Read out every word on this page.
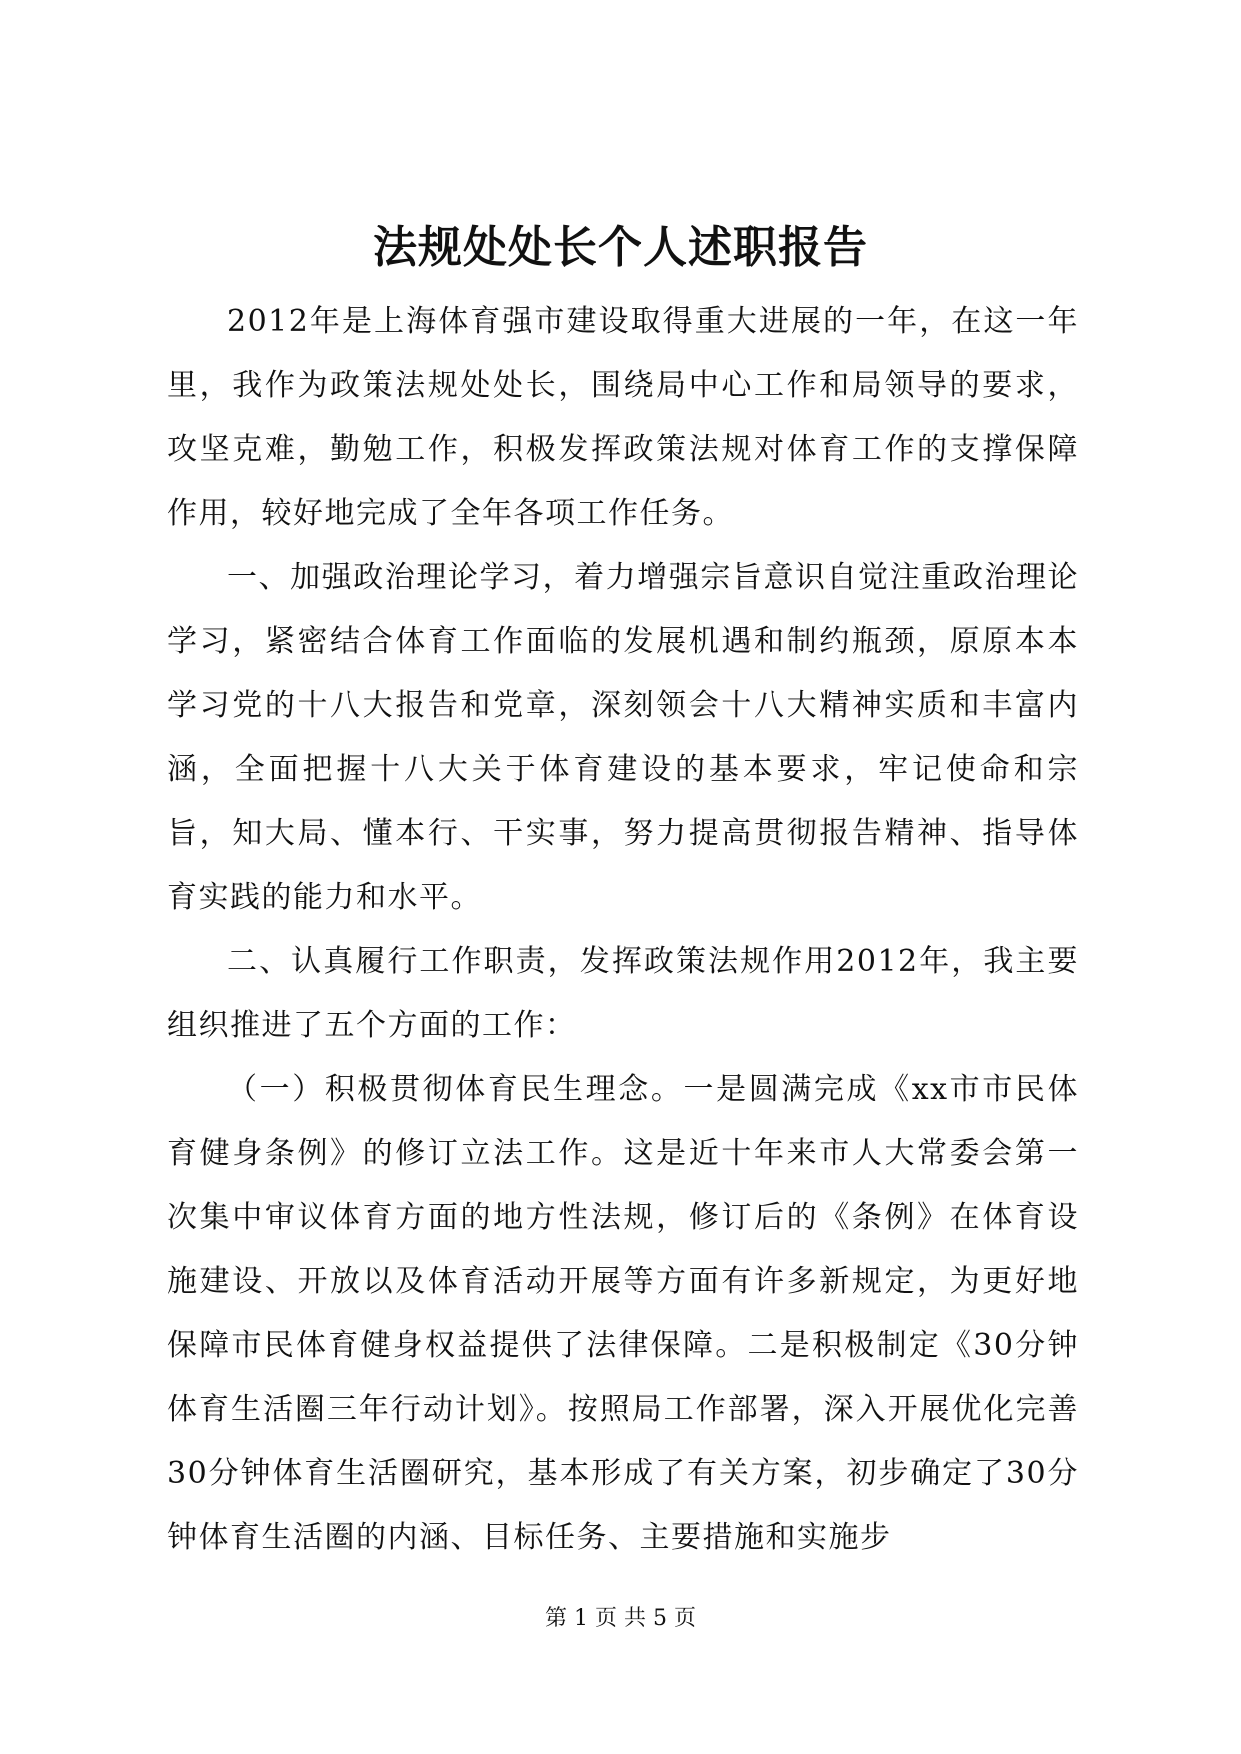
法规处处长个人述职报告

2012年是上海体育强市建设取得重大进展的一年，在这一年里，我作为政策法规处处长，围绕局中心工作和局领导的要求，攻坚克难，勤勉工作，积极发挥政策法规对体育工作的支撑保障作用，较好地完成了全年各项工作任务。

一、加强政治理论学习，着力增强宗旨意识自觉注重政治理论学习，紧密结合体育工作面临的发展机遇和制约瓶颈，原原本本学习党的十八大报告和党章，深刻领会十八大精神实质和丰富内涵，全面把握十八大关于体育建设的基本要求，牢记使命和宗旨，知大局、懂本行、干实事，努力提高贯彻报告精神、指导体育实践的能力和水平。

二、认真履行工作职责，发挥政策法规作用2012年，我主要组织推进了五个方面的工作：

（一）积极贯彻体育民生理念。一是圆满完成《xx市市民体育健身条例》的修订立法工作。这是近十年来市人大常委会第一次集中审议体育方面的地方性法规，修订后的《条例》在体育设施建设、开放以及体育活动开展等方面有许多新规定，为更好地保障市民体育健身权益提供了法律保障。二是积极制定《30分钟体育生活圈三年行动计划》。按照局工作部署，深入开展优化完善30分钟体育生活圈研究，基本形成了有关方案，初步确定了30分钟体育生活圈的内涵、目标任务、主要措施和实施步

第 1 页 共 5 页
